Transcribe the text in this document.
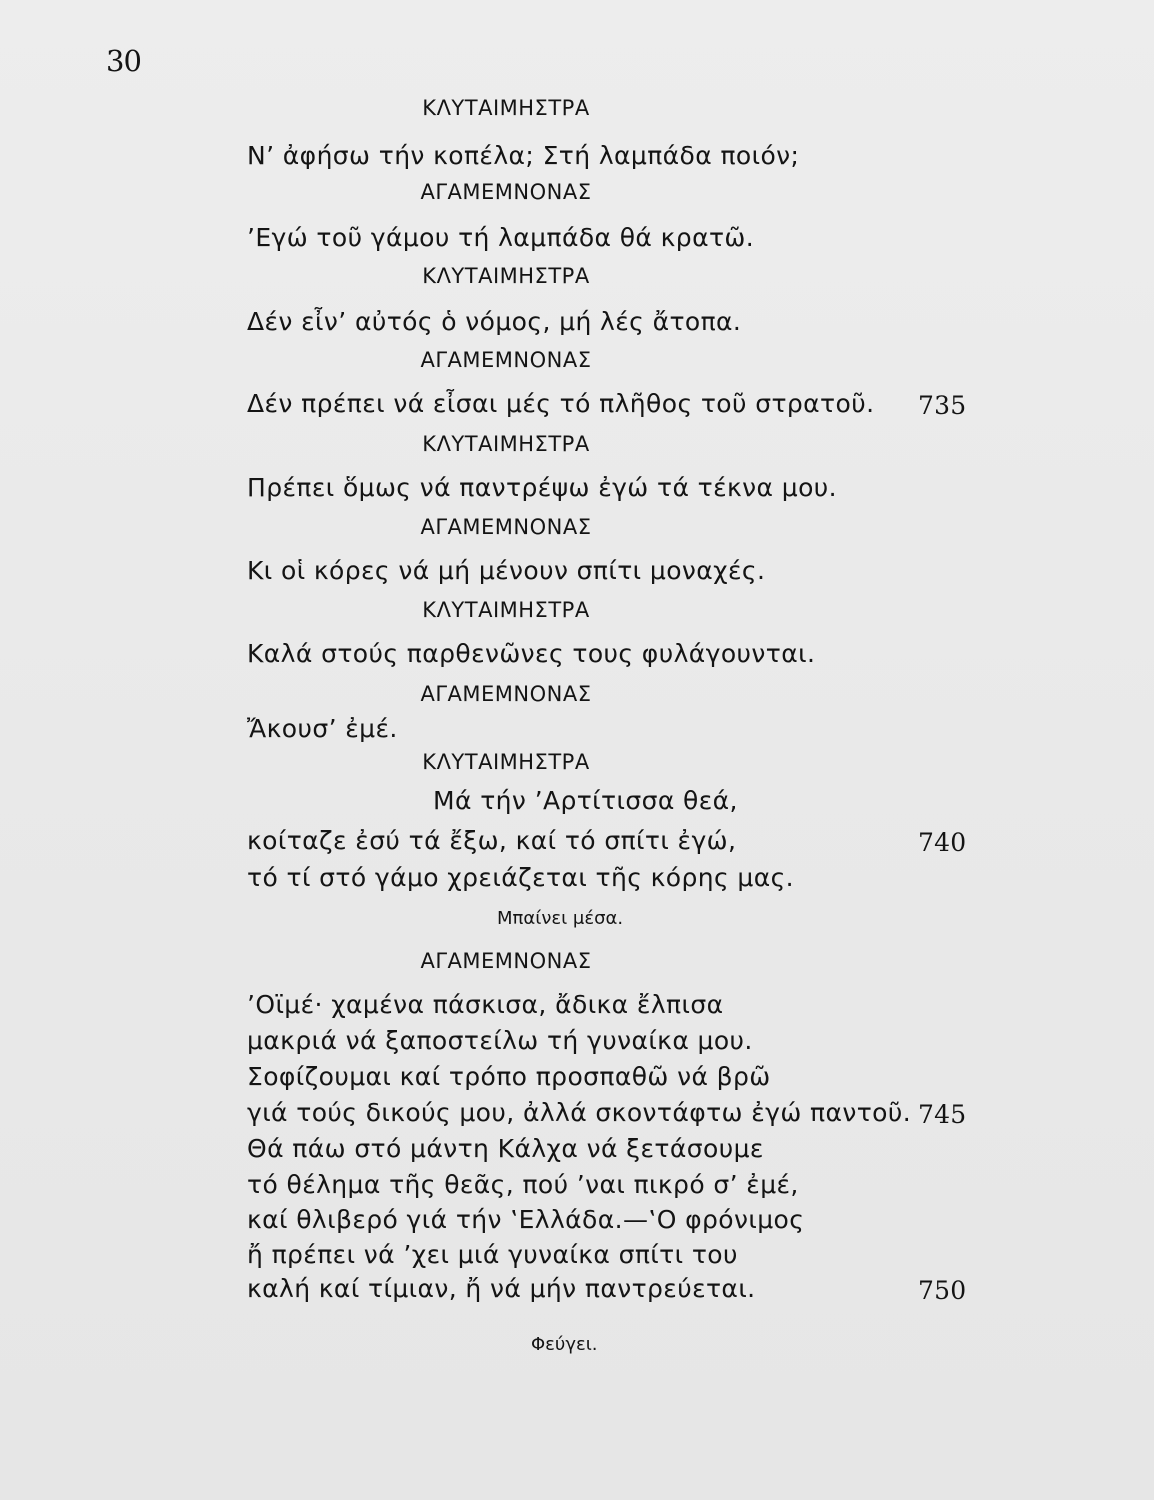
30
ΚΛΥΤΑΙΜΗΣΤΡΑ
Ν’ ἀφήσω τήν κοπέλα; Στή λαμπάδα ποιόν;
ΑΓΑΜΕΜΝΟΝΑΣ
’Εγώ τοῦ γάμου τή λαμπάδα θά κρατῶ.
ΚΛΥΤΑΙΜΗΣΤΡΑ
Δέν εἶν’ αὐτός ὁ νόμος, μή λές ἄτοπα.
ΑΓΑΜΕΜΝΟΝΑΣ
Δέν πρέπει νά εἶσαι μές τό πλῆθος τοῦ στρατοῦ. 735
ΚΛΥΤΑΙΜΗΣΤΡΑ
Πρέπει ὅμως νά παντρέψω ἐγώ τά τέκνα μου.
ΑΓΑΜΕΜΝΟΝΑΣ
Κι οἱ κόρες νά μή μένουν σπίτι μοναχές.
ΚΛΥΤΑΙΜΗΣΤΡΑ
Καλά στούς παρθενῶνες τους φυλάγουνται.
ΑΓΑΜΕΜΝΟΝΑΣ
Ἄκουσ’ ἐμέ.
ΚΛΥΤΑΙΜΗΣΤΡΑ
Μά τήν ’Αρτίτισσα θεά,
κοίταζε ἐσύ τά ἔξω, καί τό σπίτι ἐγώ,	740
τό τί στό γάμο χρειάζεται τῆς κόρης μας.
Μπαίνει μέσα.
ΑΓΑΜΕΜΝΟΝΑΣ
’Οϊμέ· χαμένα πάσκισα, ἄδικα ἔλπισα
μακριά νά ξαποστείλω τή γυναίκα μου.
Σοφίζουμαι καί τρόπο προσπαθῶ νά βρῶ
γιά τούς δικούς μου, ἀλλά σκοντάφτω ἐγώ παντοῦ. 745
Θά πάω στό μάντη Κάλχα νά ξετάσουμε
τό θέλημα τῆς θεᾶς, πού ’ναι πικρό σ’ ἐμέ,
καί θλιβερό γιά τήν ‛Ελλάδα.—‛Ο φρόνιμος
ἤ πρέπει νά ’χει μιά γυναίκα σπίτι του
καλή καί τίμιαν, ἤ νά μήν παντρεύεται.	750
Φεύγει.
